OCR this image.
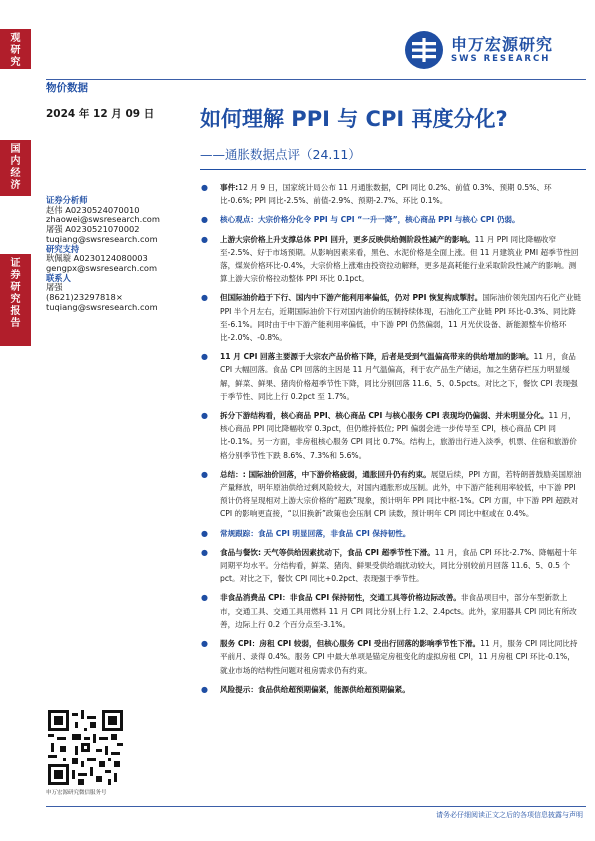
观研究
国内经济
证券研究报告
申万宏源研究
SWS RESEARCH
物价数据
2024 年 12 月 09 日
证券分析师
赵伟 A0230524070010
zhaowei@swsresearch.com
屠强 A0230521070002
tuqiang@swsresearch.com
研究支持
耿佩璇 A0230124080003
gengpx@swsresearch.com
联系人
屠强
(8621)23297818×
tuqiang@swsresearch.com
申万宏源研究微信服务号
如何理解 PPI 与 CPI 再度分化?
——通胀数据点评（24.11）
● 事件:12 月 9 日，国家统计局公布 11 月通胀数据，CPI 同比 0.2%、前值 0.3%、预期 0.5%、环比-0.6%; PPI 同比-2.5%、前值-2.9%、预期-2.7%、环比 0.1%。
● 核心观点：大宗价格分化令 PPI 与 CPI “一升一降”，核心商品 PPI 与核心 CPI 仍弱。
● 上游大宗价格上升支撑总体 PPI 回升，更多反映供给侧阶段性减产的影响。11 月 PPI 同比降幅收窄至-2.5%、好于市场预期。从影响因素来看，黑色、水泥价格是全面上涨。但 11 月建筑业 PMI 超季节性回落，煤炭价格环比-0.4%，大宗价格上涨难由投资拉动解释，更多是高耗能行业采取阶段性减产的影响。测算上游大宗价格拉动整体 PPI 环比 0.1pct。
● 但国际油价趋于下行、国内中下游产能利用率偏低，仍对 PPI 恢复构成掣肘。国际油价领先国内石化产业链 PPI 半个月左右，近期国际油价下行对国内油价的压制持续体现，石油化工产业链 PPI 环比-0.3%、同比降至-6.1%。同时由于中下游产能利用率偏低，中下游 PPI 仍然偏弱，11 月光伏设备、新能源整车价格环比-2.0%、-0.8%。
● 11 月 CPI 回落主要源于大宗农产品价格下降，后者是受到气温偏高带来的供给增加的影响。11 月，食品 CPI 大幅回落。食品 CPI 回落的主因是 11 月气温偏高，利于农产品生产储运，加之生猪存栏压力明显缓解，鲜菜、鲜果、猪肉价格超季节性下降，同比分别回落 11.6、5、0.5pcts。对比之下，餐饮 CPI 表现强于季节性、同比上行 0.2pct 至 1.7%。
● 拆分下游结构看，核心商品 PPI、核心商品 CPI 与核心服务 CPI 表现均仍偏弱、并未明显分化。11 月，核心商品 PPI 同比降幅收窄 0.3pct，但仍维持低位; PPI 偏弱会进一步传导至 CPI，核心商品 CPI 同比-0.1%。另一方面，非房租核心服务 CPI 同比 0.7%。结构上，旅游出行进入淡季，机票、住宿和旅游价格分别季节性下跌 8.6%、7.3%和 5.6%。
● 总结：: 国际油价回落，中下游价格疲弱，通胀回升仍有约束。展望后续，PPI 方面，若特朗普鼓励美国原油产量释放，明年原油供给过剩风险较大，对国内通胀形成压制。此外，中下游产能利用率较低，中下游 PPI 预计仍将呈现相对上游大宗价格的“超跌”现象，预计明年 PPI 同比中枢-1%。CPI 方面，中下游 PPI 超跌对 CPI 的影响更直接，“以旧换新”政策也会压制 CPI 读数，预计明年 CPI 同比中枢或在 0.4%。
● 常规跟踪：食品 CPI 明显回落，非食品 CPI 保持韧性。
● 食品与餐饮: 天气等供给因素扰动下，食品 CPI 超季节性下滑。11 月，食品 CPI 环比-2.7%、降幅超十年同期平均水平。分结构看，鲜菜、猪肉、鲜果受供给端扰动较大，同比分别较前月回落 11.6、5、0.5 个 pct。对比之下，餐饮 CPI 同比+0.2pct、表现强于季节性。
● 非食品消费品 CPI：非食品 CPI 保持韧性，交通工具等价格边际改善。非食品项目中，部分车型新款上市，交通工具、交通工具用燃料 11 月 CPI 同比分别上行 1.2、2.4pcts。此外，家用器具 CPI 同比有所改善，边际上行 0.2 个百分点至-3.1%。
● 服务 CPI：房租 CPI 较弱，但核心服务 CPI 受出行回落的影响季节性下滑。11 月，服务 CPI 同比同比持平前月、录得 0.4%。服务 CPI 中最大单项是锚定房租变化的虚拟房租 CPI，11 月房租 CPI 环比-0.1%，就业市场的结构性问题对租房需求仍有约束。
● 风险提示：食品供给超预期偏紧，能源供给超预期偏紧。
请务必仔细阅读正文之后的各项信息披露与声明
